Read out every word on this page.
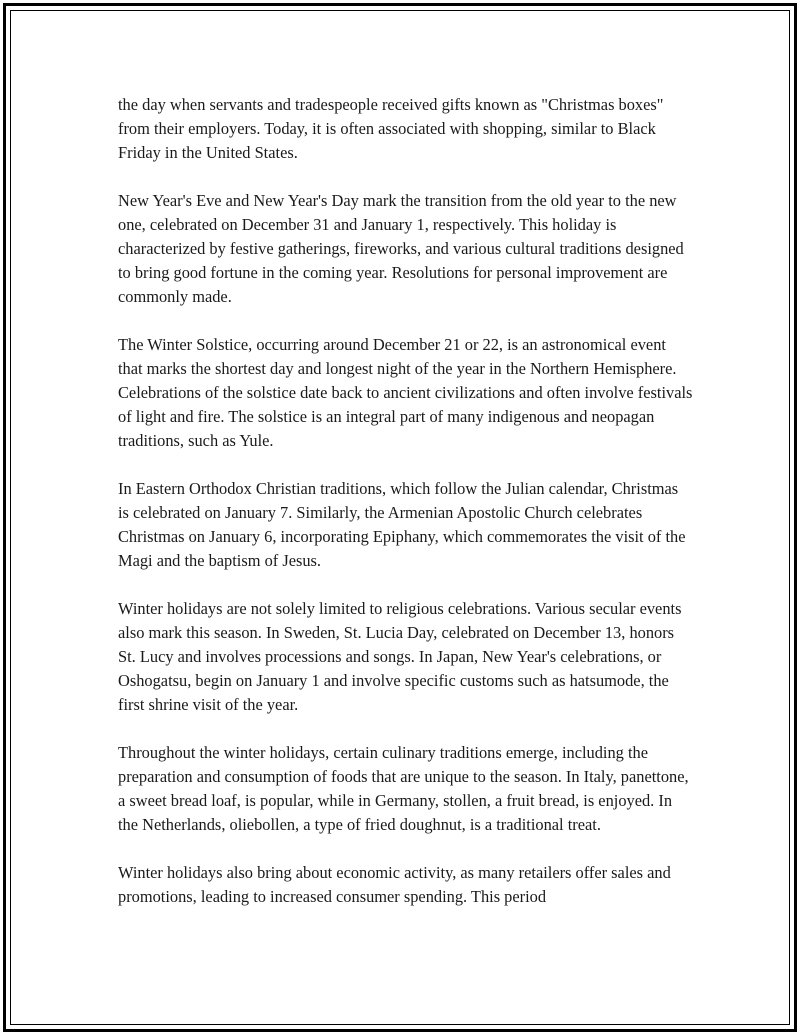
the day when servants and tradespeople received gifts known as "Christmas boxes" from their employers. Today, it is often associated with shopping, similar to Black Friday in the United States.

New Year's Eve and New Year's Day mark the transition from the old year to the new one, celebrated on December 31 and January 1, respectively. This holiday is characterized by festive gatherings, fireworks, and various cultural traditions designed to bring good fortune in the coming year. Resolutions for personal improvement are commonly made.

The Winter Solstice, occurring around December 21 or 22, is an astronomical event that marks the shortest day and longest night of the year in the Northern Hemisphere. Celebrations of the solstice date back to ancient civilizations and often involve festivals of light and fire. The solstice is an integral part of many indigenous and neopagan traditions, such as Yule.

In Eastern Orthodox Christian traditions, which follow the Julian calendar, Christmas is celebrated on January 7. Similarly, the Armenian Apostolic Church celebrates Christmas on January 6, incorporating Epiphany, which commemorates the visit of the Magi and the baptism of Jesus.

Winter holidays are not solely limited to religious celebrations. Various secular events also mark this season. In Sweden, St. Lucia Day, celebrated on December 13, honors St. Lucy and involves processions and songs. In Japan, New Year's celebrations, or Oshogatsu, begin on January 1 and involve specific customs such as hatsumode, the first shrine visit of the year.

Throughout the winter holidays, certain culinary traditions emerge, including the preparation and consumption of foods that are unique to the season. In Italy, panettone, a sweet bread loaf, is popular, while in Germany, stollen, a fruit bread, is enjoyed. In the Netherlands, oliebollen, a type of fried doughnut, is a traditional treat.

Winter holidays also bring about economic activity, as many retailers offer sales and promotions, leading to increased consumer spending. This period
